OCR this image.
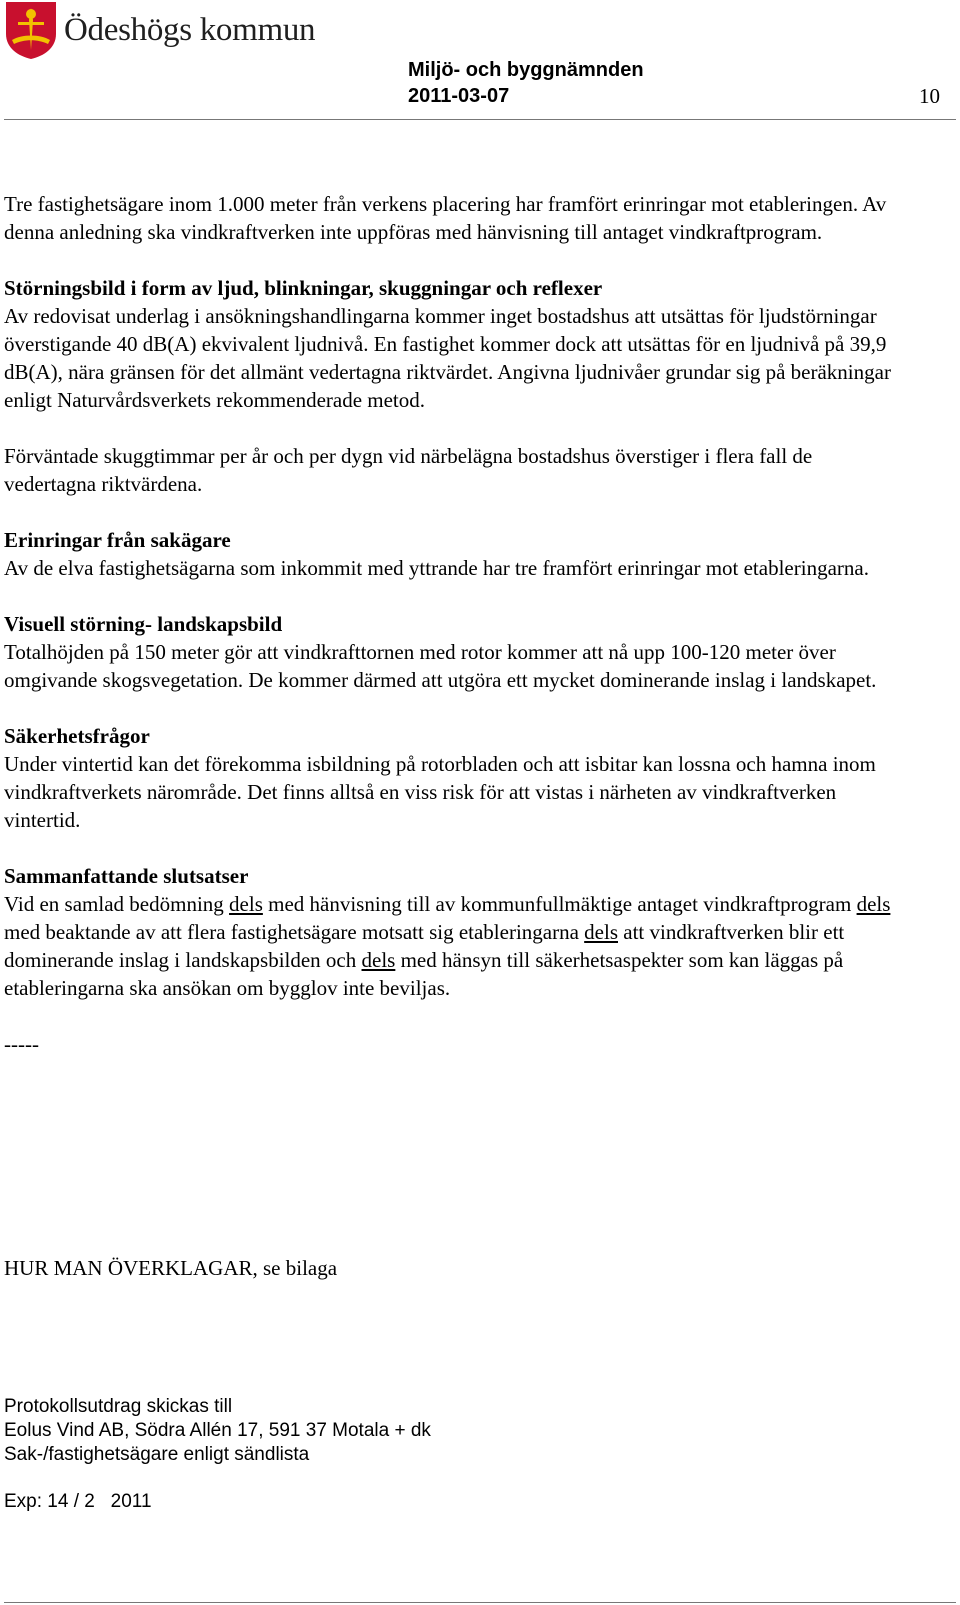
Ödeshögs kommun
Miljö- och byggnämnden
2011-03-07	10

Tre fastighetsägare inom 1.000 meter från verkens placering har framfört erinringar mot etableringen. Av denna anledning ska vindkraftverken inte uppföras med hänvisning till antaget vindkraftprogram.

Störningsbild i form av ljud, blinkningar, skuggningar och reflexer
Av redovisat underlag i ansökningshandlingarna kommer inget bostadshus att utsättas för ljudstörningar överstigande 40 dB(A) ekvivalent ljudnivå. En fastighet kommer dock att utsättas för en ljudnivå på 39,9 dB(A), nära gränsen för det allmänt vedertagna riktvärdet. Angivna ljudnivåer grundar sig på beräkningar enligt Naturvårdsverkets rekommenderade metod.

Förväntade skuggtimmar per år och per dygn vid närbelägna bostadshus överstiger i flera fall de vedertagna riktvärdena.

Erinringar från sakägare
Av de elva fastighetsägarna som inkommit med yttrande har tre framfört erinringar mot etableringarna.

Visuell störning- landskapsbild
Totalhöjden på 150 meter gör att vindkrafttornen med rotor kommer att nå upp 100-120 meter över omgivande skogsvegetation. De kommer därmed att utgöra ett mycket dominerande inslag i landskapet.

Säkerhetsfrågor
Under vintertid kan det förekomma isbildning på rotorbladen och att isbitar kan lossna och hamna inom vindkraftverkets närområde. Det finns alltså en viss risk för att vistas i närheten av vindkraftverken vintertid.

Sammanfattande slutsatser
Vid en samlad bedömning dels med hänvisning till av kommunfullmäktige antaget vindkraftprogram dels med beaktande av att flera fastighetsägare motsatt sig etableringarna dels att vindkraftverken blir ett dominerande inslag i landskapsbilden och dels med hänsyn till säkerhetsaspekter som kan läggas på etableringarna ska ansökan om bygglov inte beviljas.

-----

HUR MAN ÖVERKLAGAR, se bilaga
Protokollsutdrag skickas till
Eolus Vind AB, Södra Allén 17, 591 37 Motala + dk
Sak-/fastighetsägare enligt sändlista
Exp: 14 / 2   2011
